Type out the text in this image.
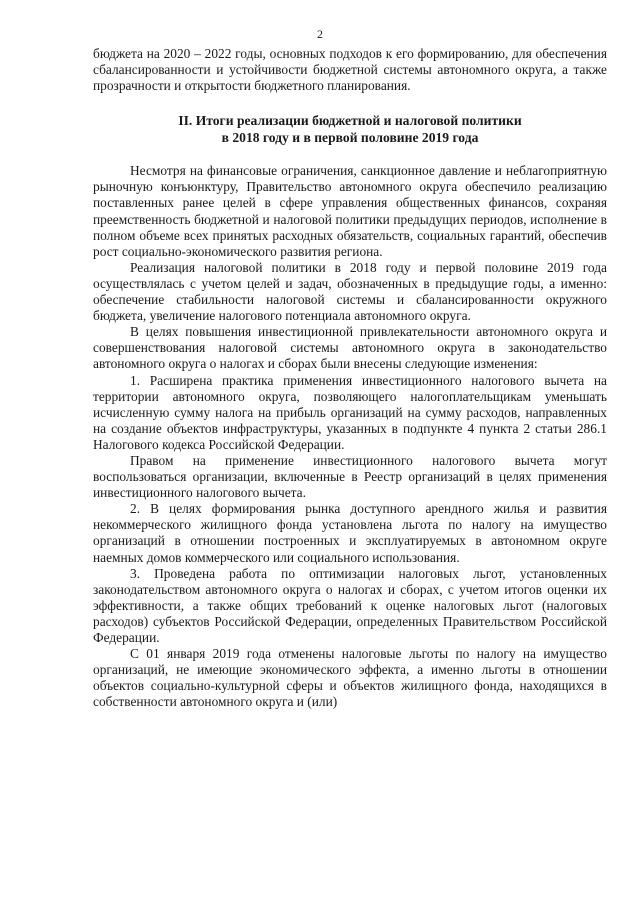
2

бюджета на 2020 – 2022 годы, основных подходов к его формированию, для обеспечения сбалансированности и устойчивости бюджетной системы автономного округа, а также прозрачности и открытости бюджетного планирования.

II. Итоги реализации бюджетной и налоговой политики
в 2018 году и в первой половине 2019 года

Несмотря на финансовые ограничения, санкционное давление и неблагоприятную рыночную конъюнктуру, Правительство автономного округа обеспечило реализацию поставленных ранее целей в сфере управления общественных финансов, сохраняя преемственность бюджетной и налоговой политики предыдущих периодов, исполнение в полном объеме всех принятых расходных обязательств, социальных гарантий, обеспечив рост социально-экономического развития региона.

Реализация налоговой политики в 2018 году и первой половине 2019 года осуществлялась с учетом целей и задач, обозначенных в предыдущие годы, а именно: обеспечение стабильности налоговой системы и сбалансированности окружного бюджета, увеличение налогового потенциала автономного округа.

В целях повышения инвестиционной привлекательности автономного округа и совершенствования налоговой системы автономного округа в законодательство автономного округа о налогах и сборах были внесены следующие изменения:

1. Расширена практика применения инвестиционного налогового вычета на территории автономного округа, позволяющего налогоплательщикам уменьшать исчисленную сумму налога на прибыль организаций на сумму расходов, направленных на создание объектов инфраструктуры, указанных в подпункте 4 пункта 2 статьи 286.1 Налогового кодекса Российской Федерации.

Правом на применение инвестиционного налогового вычета могут воспользоваться организации, включенные в Реестр организаций в целях применения инвестиционного налогового вычета.

2. В целях формирования рынка доступного арендного жилья и развития некоммерческого жилищного фонда установлена льгота по налогу на имущество организаций в отношении построенных и эксплуатируемых в автономном округе наемных домов коммерческого или социального использования.

3. Проведена работа по оптимизации налоговых льгот, установленных законодательством автономного округа о налогах и сборах, с учетом итогов оценки их эффективности, а также общих требований к оценке налоговых льгот (налоговых расходов) субъектов Российской Федерации, определенных Правительством Российской Федерации.

С 01 января 2019 года отменены налоговые льготы по налогу на имущество организаций, не имеющие экономического эффекта, а именно льготы в отношении объектов социально-культурной сферы и объектов жилищного фонда, находящихся в собственности автономного округа и (или)
